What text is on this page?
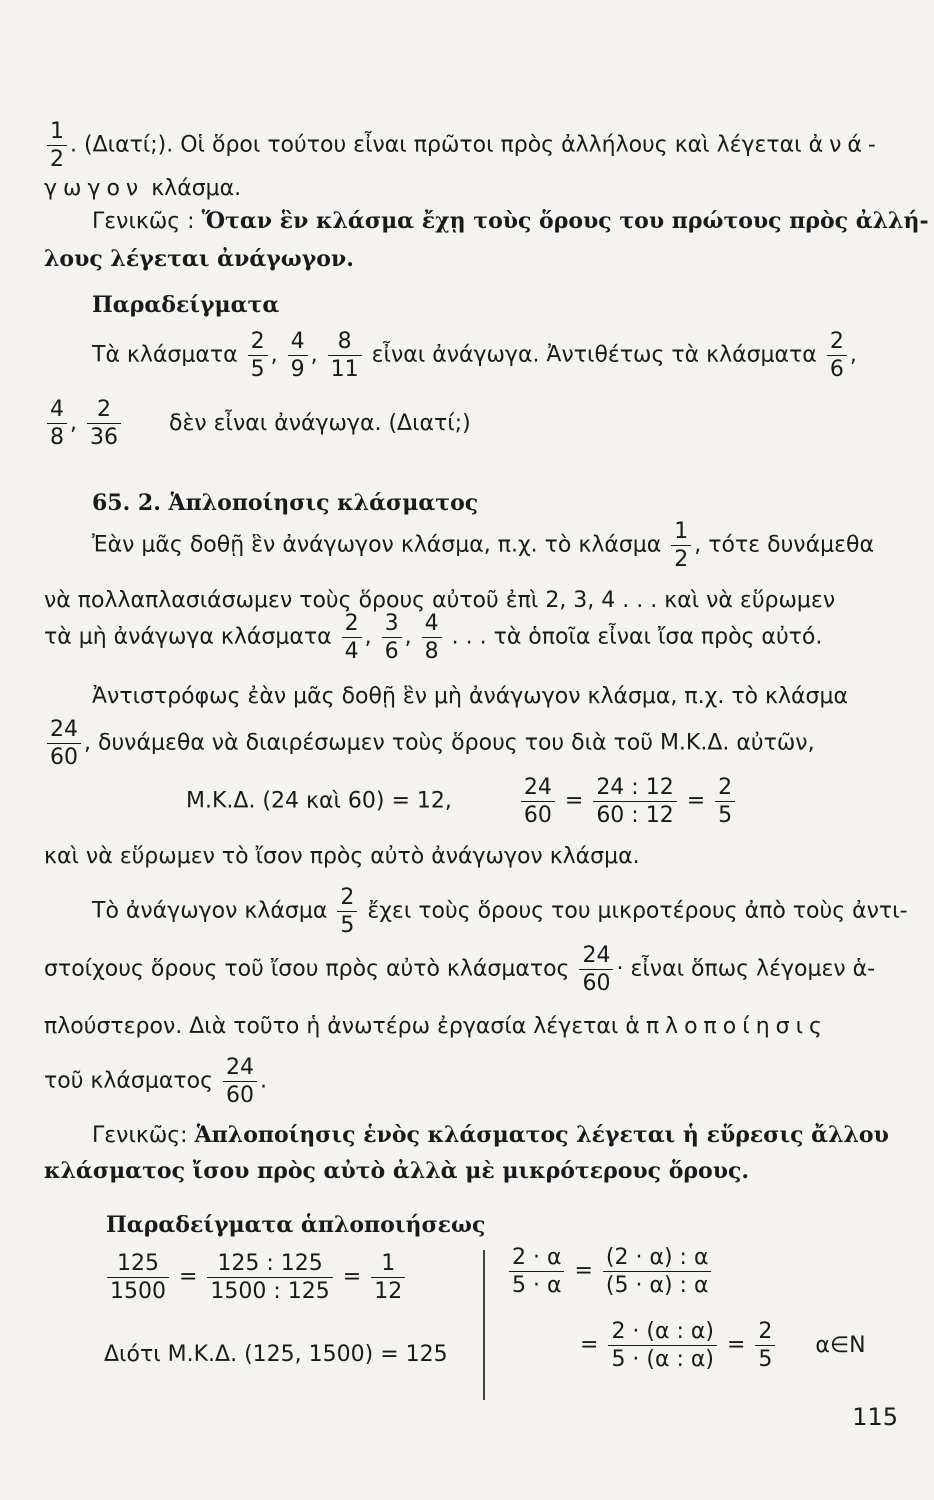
$\frac{1}{2}$ . (Διατί;). Οἱ ὅροι τούτου εἶναι πρῶτοι πρὸς ἀλλήλους καὶ λέγεται ἀνά-
γωγον κλάσμα.
Γενικῶς : Ὅταν ἓν κλάσμα ἔχῃ τοὺς ὅρους του πρώτους πρὸς ἀλλή-
λους λέγεται ἀνάγωγον.
Παραδείγματα
Τὰ κλάσματα $\frac{2}{5}$ , $\frac{4}{9}$ , $\frac{8}{11}$ εἶναι ἀνάγωγα. Ἀντιθέτως τὰ κλάσματα $\frac{2}{6}$ ,
$\frac{4}{8}$ , $\frac{2}{36}$ δὲν εἶναι ἀνάγωγα. (Διατί;)
65. 2. Ἁπλοποίησις κλάσματος
Ἐὰν μᾶς δοθῇ ἓν ἀνάγωγον κλάσμα, π.χ. τὸ κλάσμα $\frac{1}{2}$ , τότε δυνάμεθα
νὰ πολλαπλασιάσωμεν τοὺς ὅρους αὐτοῦ ἐπὶ 2, 3, 4 . . . καὶ νὰ εὕρωμεν
τὰ μὴ ἀνάγωγα κλάσματα $\frac{2}{4}$ , $\frac{3}{6}$ , $\frac{4}{8}$ . . . τὰ ὁποῖα εἶναι ἴσα πρὸς αὐτό.
Ἀντιστρόφως ἐὰν μᾶς δοθῇ ἓν μὴ ἀνάγωγον κλάσμα, π.χ. τὸ κλάσμα
$\frac{24}{60}$ , δυνάμεθα νὰ διαιρέσωμεν τοὺς ὅρους του διὰ τοῦ Μ.Κ.Δ. αὐτῶν,
Μ.Κ.Δ. (24 καὶ 60) = 12,	$\frac{24}{60} = \frac{24 : 12}{60 : 12} = \frac{2}{5}$
καὶ νὰ εὕρωμεν τὸ ἴσον πρὸς αὐτὸ ἀνάγωγον κλάσμα.
Τὸ ἀνάγωγον κλάσμα $\frac{2}{5}$ ἔχει τοὺς ὅρους του μικροτέρους ἀπὸ τοὺς ἀντι-
στοίχους ὅρους τοῦ ἴσου πρὸς αὐτὸ κλάσματος $\frac{24}{60}$ · εἶναι ὅπως λέγομεν ἁ-
πλούστερον. Διὰ τοῦτο ἡ ἀνωτέρω ἐργασία λέγεται ἁπλοποίησις
τοῦ κλάσματος $\frac{24}{60}$ .
Γενικῶς: Ἁπλοποίησις ἑνὸς κλάσματος λέγεται ἡ εὕρεσις ἄλλου
κλάσματος ἴσου πρὸς αὐτὸ ἀλλὰ μὲ μικρότερους ὅρους.
Παραδείγματα ἁπλοποιήσεως
$\frac{125}{1500} = \frac{125 : 125}{1500 : 125} = \frac{1}{12}$
Διότι Μ.Κ.Δ. (125, 1500) = 125
$\frac{2 \cdot \alpha}{5 \cdot \alpha} = \frac{(2 \cdot \alpha) : \alpha}{(5 \cdot \alpha) : \alpha}$
= $\frac{2 \cdot (\alpha : \alpha)}{5 \cdot (\alpha : \alpha)} = \frac{2}{5}$ α∈N
115
